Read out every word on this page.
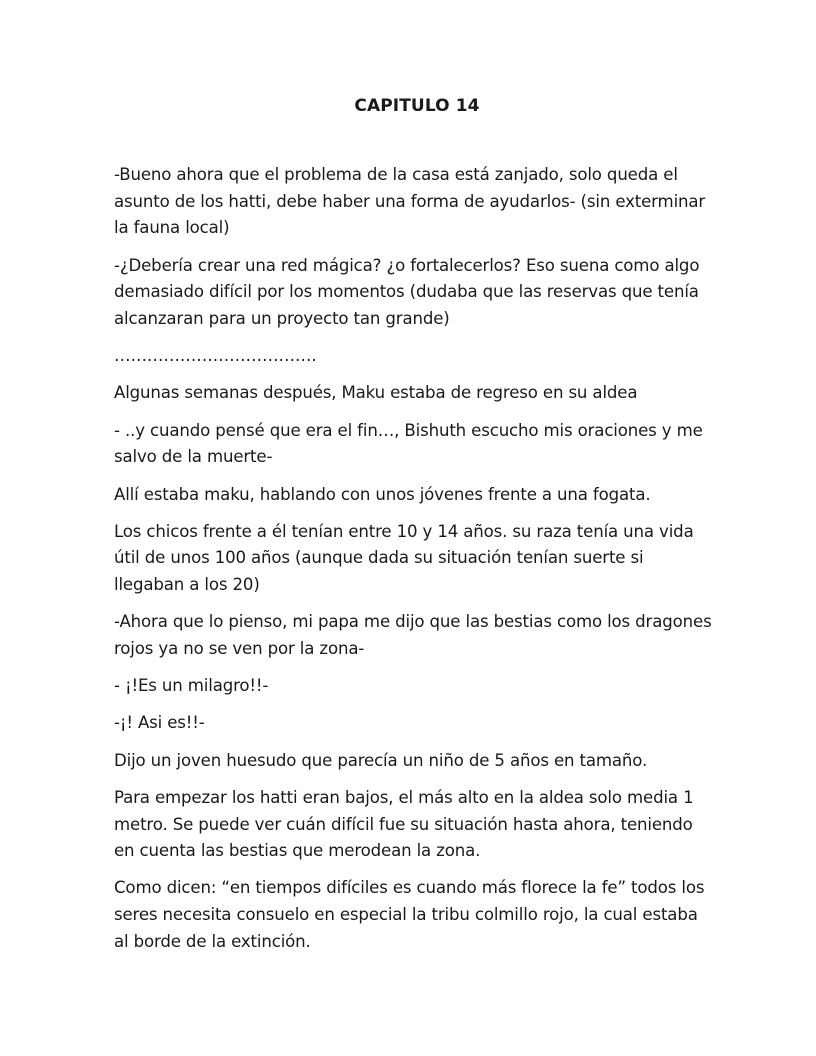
CAPITULO 14

-Bueno ahora que el problema de la casa está zanjado, solo queda el asunto de los hatti, debe haber una forma de ayudarlos- (sin exterminar la fauna local)

-¿Debería crear una red mágica? ¿o fortalecerlos? Eso suena como algo demasiado difícil por los momentos (dudaba que las reservas que tenía alcanzaran para un proyecto tan grande)

……………………………….

Algunas semanas después, Maku estaba de regreso en su aldea

- ..y cuando pensé que era el fin…, Bishuth escucho mis oraciones y me salvo de la muerte-

Allí estaba maku, hablando con unos jóvenes frente a una fogata.

Los chicos frente a él tenían entre 10 y 14 años. su raza tenía una vida útil de unos 100 años (aunque dada su situación tenían suerte si llegaban a los 20)

-Ahora que lo pienso, mi papa me dijo que las bestias como los dragones rojos ya no se ven por la zona-

- ¡!Es un milagro!!-

-¡! Asi es!!-

Dijo un joven huesudo que parecía un niño de 5 años en tamaño.

Para empezar los hatti eran bajos, el más alto en la aldea solo media 1 metro. Se puede ver cuán difícil fue su situación hasta ahora, teniendo en cuenta las bestias que merodean la zona.

Como dicen: “en tiempos difíciles es cuando más florece la fe” todos los seres necesita consuelo en especial la tribu colmillo rojo, la cual estaba al borde de la extinción.
